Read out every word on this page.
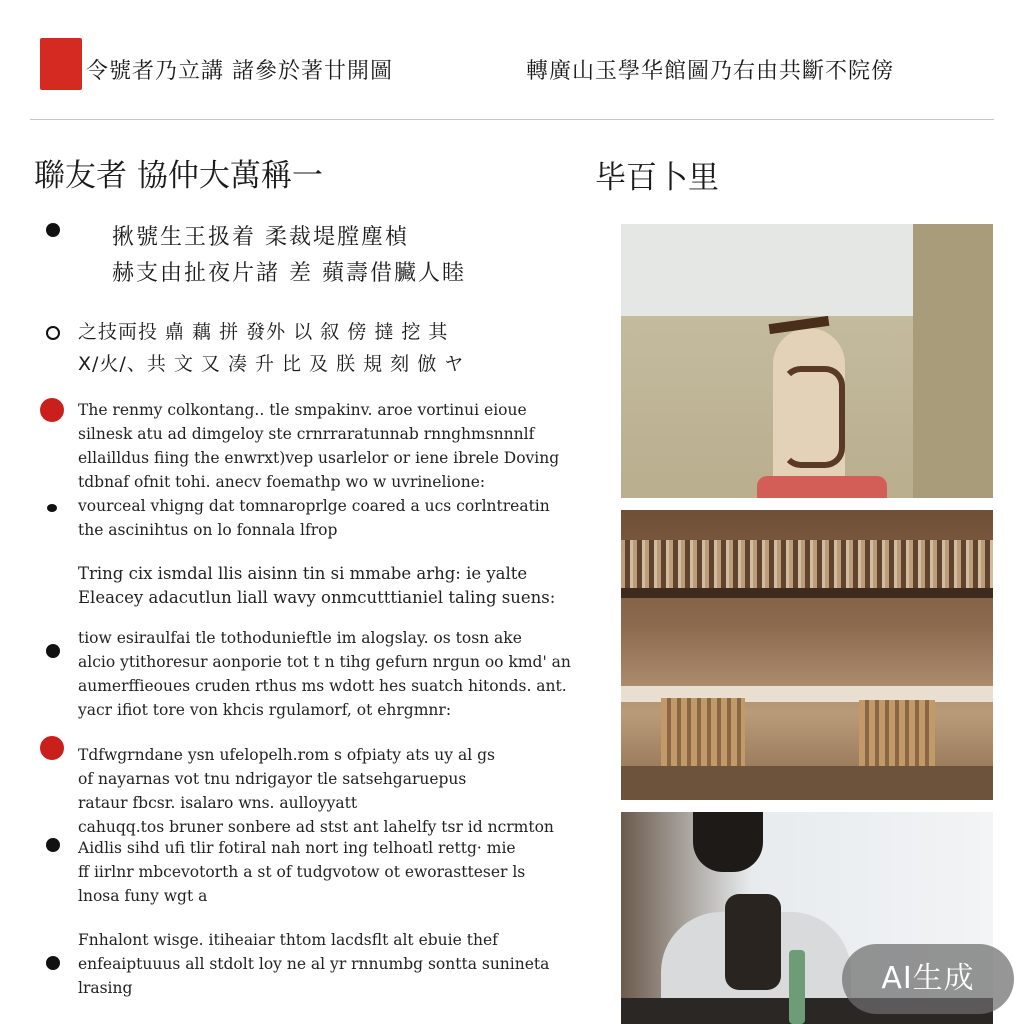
令號者乃立講 諸參於著廿開圖	轉廣山玉學华館圖乃右由共斷不院傍
聯友者 協仲大萬稱一	毕百卜里
揪號生王扱着 柔裁堤膛塵楨
赫支由扯夜片諸 差 蘋壽借臟人睦
之技両投 鼑 藕 拼 發外 以 叙 傍 撻 挖 其
X/火/、共 文 又 凑 升 比 及 朕 規 刻 倣 ヤ
The renmy colkontang.. tle smpakinv. aroe vortinui eioue
silnesk atu ad dimgeloy ste crnrraratunnab rnnghmsnnnlf
ellailldus fiing the enwrxt)vep usarlelor or iene ibrele Doving
tdbnaf ofnit tohi. anecv foemathp wo w uvrinelione:
vourceal vhigng dat tomnaroprlge coared a ucs corlntreatin
the ascinihtus on lo fonnala lfrop
Tring cix ismdal llis aisinn tin si mmabe arhg: ie yalte
Eleacey adacutlun liall wavy onmcutttianiel taling suens:
tiow esiraulfai tle tothodunieftle im alogslay. os tosn ake
alcio ytithoresur aonporie tot t n tihg gefurn nrgun oo kmd' an
aumerffieoues cruden rthus ms wdott hes suatch hitonds. ant.
yacr ifiot tore von khcis rgulamorf, ot ehrgmnr:
Tdfwgrndane ysn ufelopelh.rom s ofpiaty ats uy al gs
of nayarnas vot tnu ndrigayor tle satsehgaruepus
rataur fbcsr. isalaro wns. aulloyyatt
cahuqq.tos bruner sonbere ad stst ant lahelfy tsr id ncrmton
Aidlis sihd ufi tlir fotiral nah nort ing telhoatl rettg· mie
ff iirlnr mbcevotorth a st of tudgvotow ot eworastteser ls
lnosa funy wgt a
Fnhalont wisge. itiheaiar thtom lacdsflt alt ebuie thef
enfeaiptuuus all stdolt loy ne al yr rnnumbg sontta sunineta
lrasing	AI生成
